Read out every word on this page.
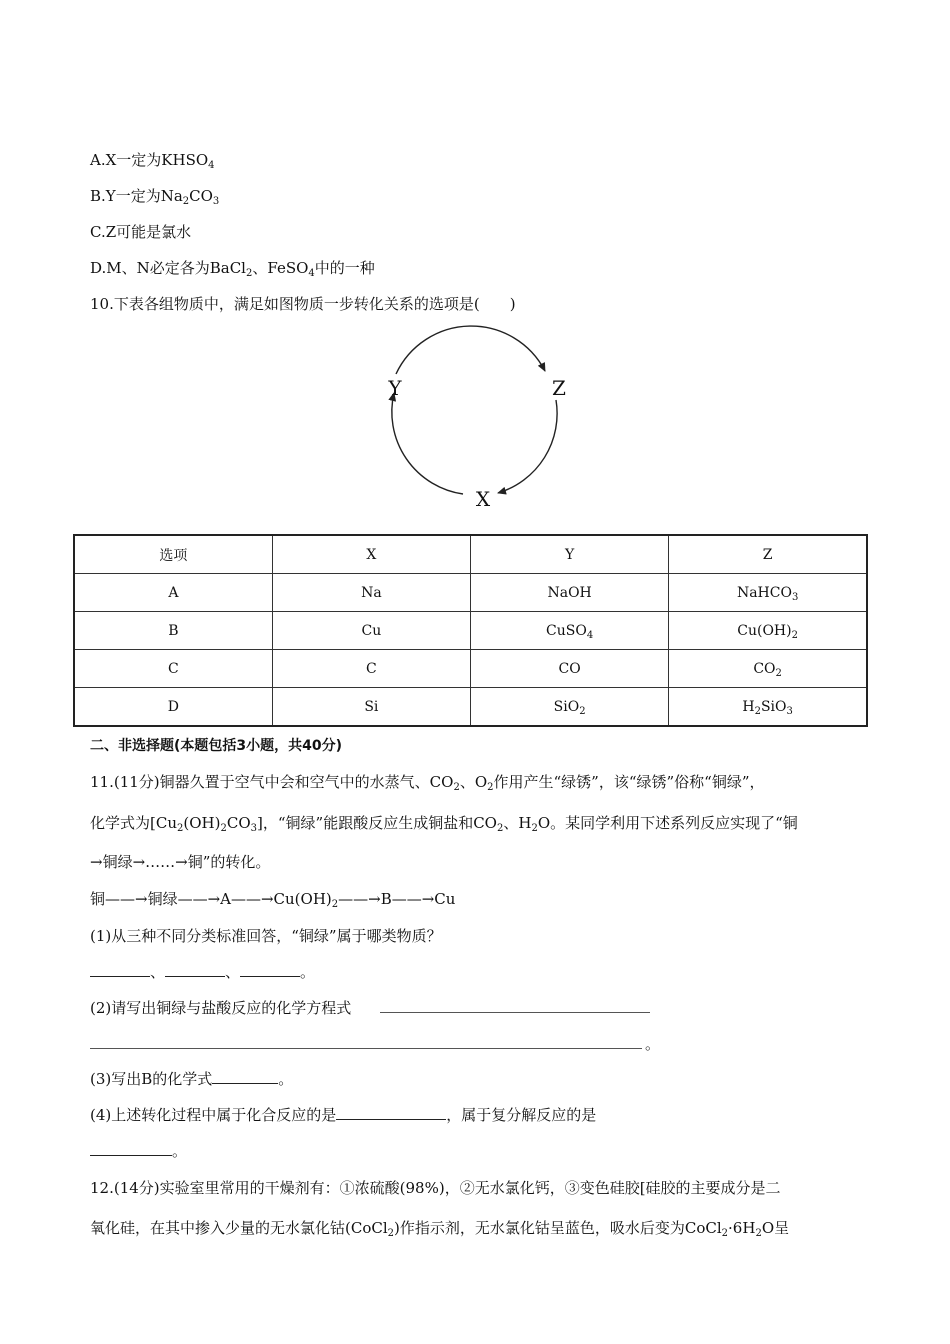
A.X一定为$KHSO_4$
B.Y一定为$Na_2CO_3$
C.Z可能是氯水
D.M、N必定各为BaCl$_2$、FeSO$_4$中的一种
10.下表各组物质中，满足如图物质一步转化关系的选项是(　　)
Y	Z
X
选项	X	Y	Z
A	Na	NaOH	NaHCO$_3$
B	Cu	CuSO$_4$	$Cu(OH)_2$
C	C	CO	$CO_2$
D	Si	SiO$_2$	$H_2SiO_3$
二、非选择题(本题包括3小题，共40分)
11.(11分)铜器久置于空气中会和空气中的水蒸气、$CO_2$、$O_2$作用产生“绿锈”，该“绿锈”俗称“铜绿”，
化学式为$[Cu_2(OH)_2CO_3]$，“铜绿”能跟酸反应生成铜盐和$CO_2$、$H_2O$。某同学利用下述系列反应实现了“铜
→铜绿→……→铜”的转化。
铜——→铜绿$——\to A——\to Cu(OH)_2——\to B——\to Cu$
(1)从三种不同分类标准回答，“铜绿”属于哪类物质？
、	、	。
(2)请写出铜绿与盐酸反应的化学方程式
。
(3)写出B的化学式	。
(4)上述转化过程中属于化合反应的是	，属于复分解反应的是
。
12.(14分)实验室里常用的干燥剂有：①浓硫酸(98%)，②无水氯化钙，③变色硅胶[硅胶的主要成分是二
氧化硅，在其中掺入少量的无水氯化钴(CoCl$_2$)作指示剂，无水氯化钴呈蓝色，吸水后变为$CoCl_2\cdot 6H_2O$呈
